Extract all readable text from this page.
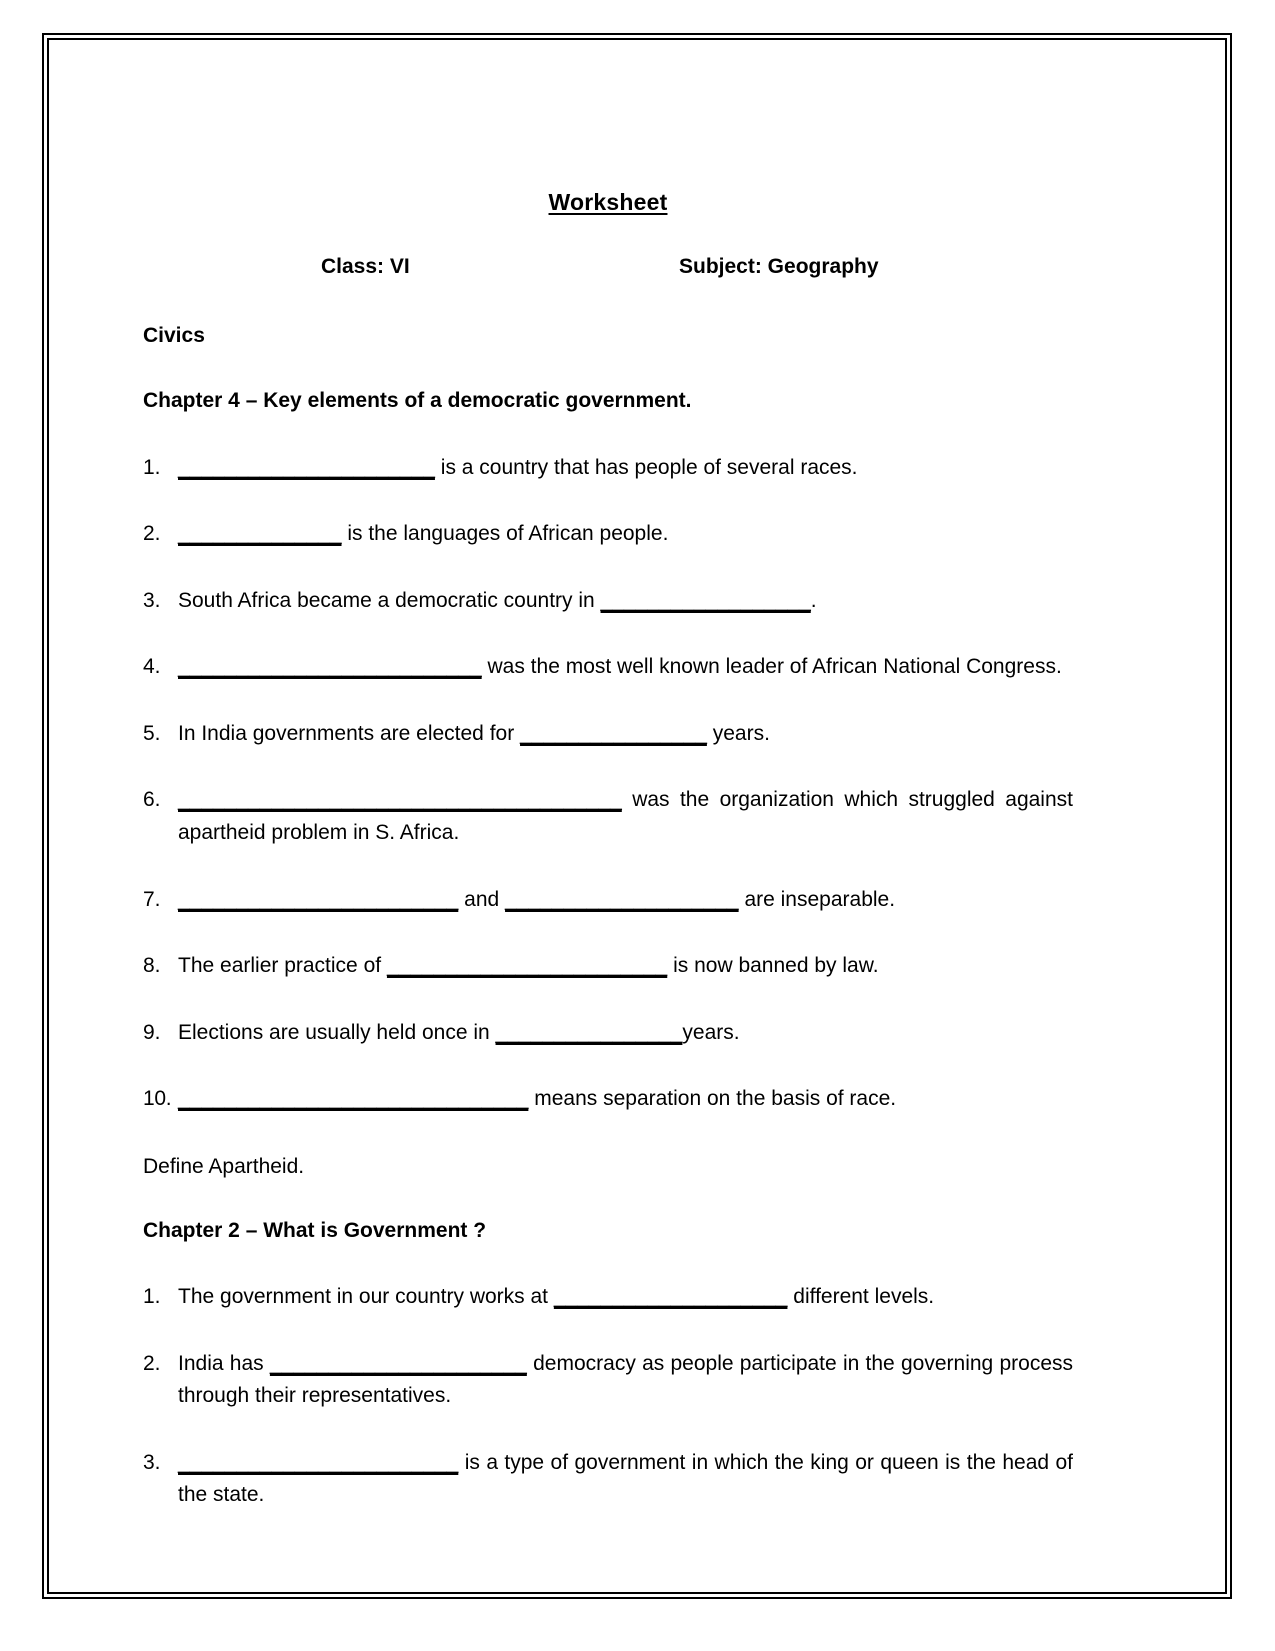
Worksheet
Class: VI	Subject: Geography
Civics
Chapter 4 – Key elements of a democratic government.
1. ______________________ is a country that has people of several races.
2. ______________ is the languages of African people.
3. South Africa became a democratic country in __________________.
4. __________________________ was the most well known leader of African National Congress.
5. In India governments are elected for ________________ years.
6. ______________________________________ was the organization which struggled against apartheid problem in S. Africa.
7. ________________________ and ____________________ are inseparable.
8. The earlier practice of ________________________ is now banned by law.
9. Elections are usually held once in ________________years.
10. ______________________________ means separation on the basis of race.
Define Apartheid.
Chapter 2 – What is Government ?
1. The government in our country works at ____________________ different levels.
2. India has ______________________ democracy as people participate in the governing process through their representatives.
3. ________________________ is a type of government in which the king or queen is the head of the state.
